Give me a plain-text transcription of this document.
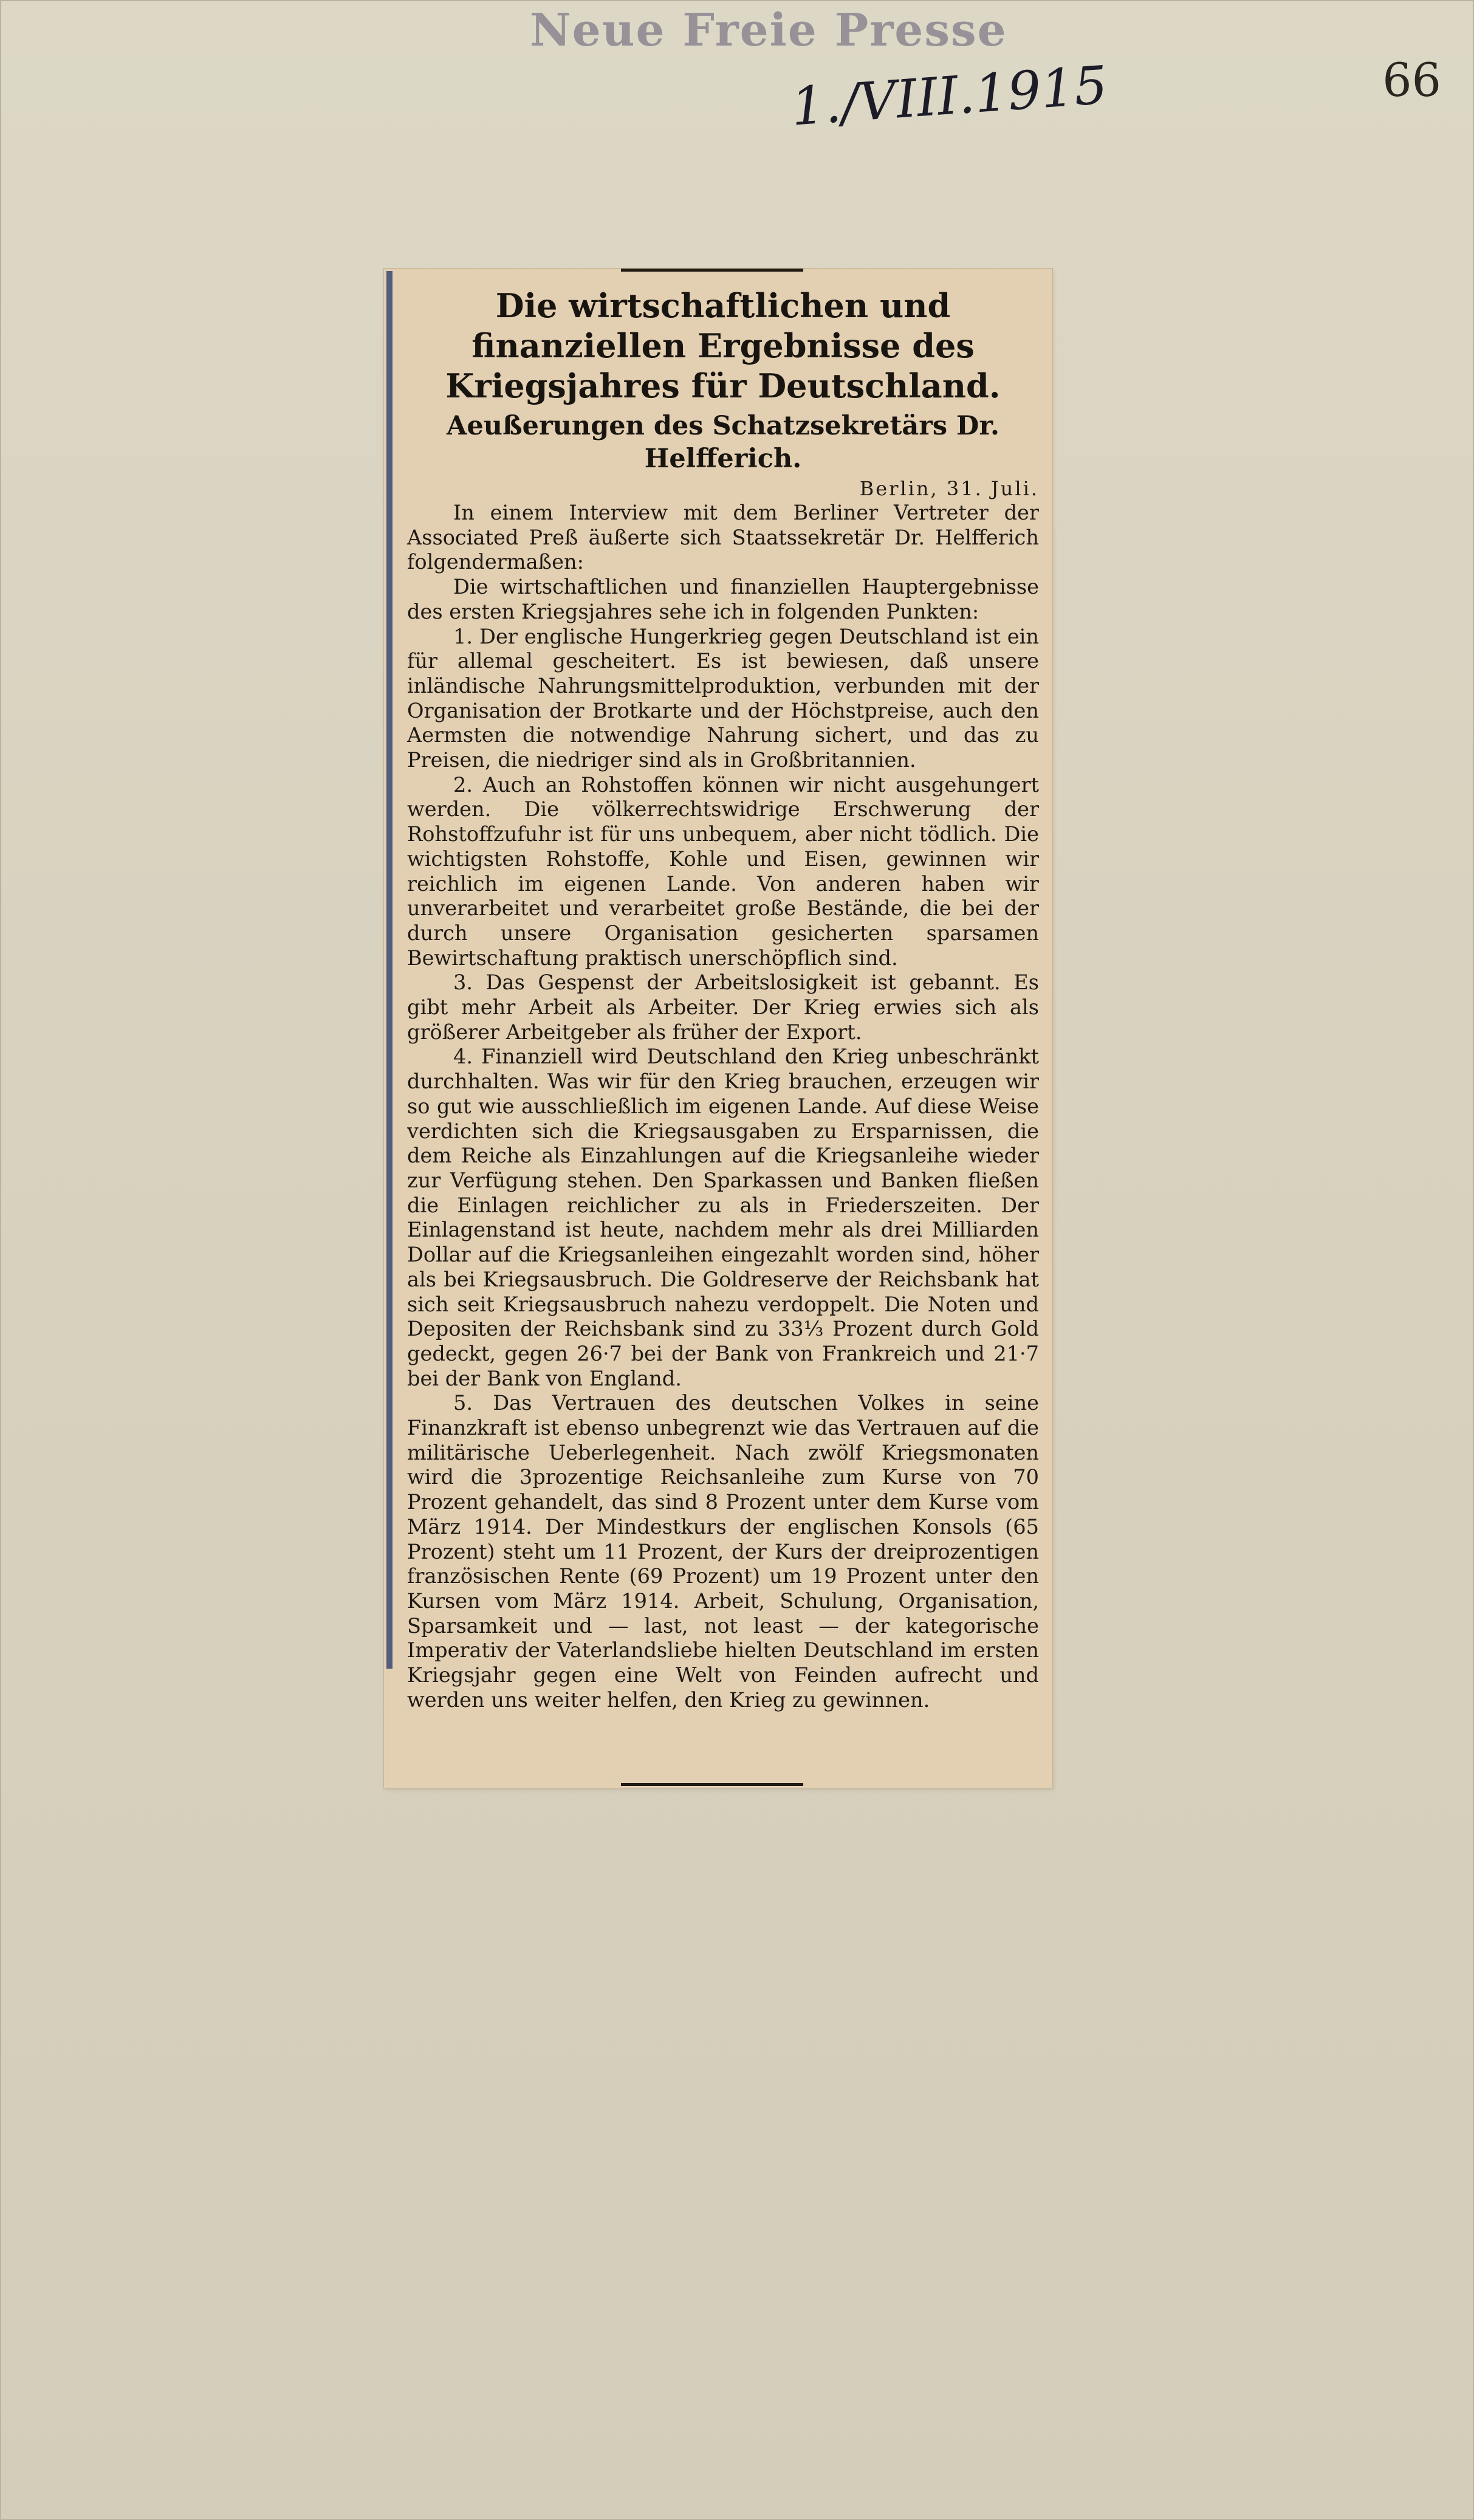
Neue Freie Presse
1./VIII.1915	66
Die wirtschaftlichen und finanziellen Ergebnisse des Kriegsjahres für Deutschland.
Aeußerungen des Schatzsekretärs Dr. Helfferich.

Berlin, 31. Juli.

In einem Interview mit dem Berliner Vertreter der Associated Preß äußerte sich Staatssekretär Dr. Helfferich folgendermaßen:

Die wirtschaftlichen und finanziellen Hauptergebnisse des ersten Kriegsjahres sehe ich in folgenden Punkten:

1. Der englische Hungerkrieg gegen Deutschland ist ein für allemal gescheitert. Es ist bewiesen, daß unsere inländische Nahrungsmittelproduktion, verbunden mit der Organisation der Brotkarte und der Höchstpreise, auch den Aermsten die notwendige Nahrung sichert, und das zu Preisen, die niedriger sind als in Großbritannien.

2. Auch an Rohstoffen können wir nicht ausgehungert werden. Die völkerrechtswidrige Erschwerung der Rohstoffzufuhr ist für uns unbequem, aber nicht tödlich. Die wichtigsten Rohstoffe, Kohle und Eisen, gewinnen wir reichlich im eigenen Lande. Von anderen haben wir unverarbeitet und verarbeitet große Bestände, die bei der durch unsere Organisation gesicherten sparsamen Bewirtschaftung praktisch unerschöpflich sind.

3. Das Gespenst der Arbeitslosigkeit ist gebannt. Es gibt mehr Arbeit als Arbeiter. Der Krieg erwies sich als größerer Arbeitgeber als früher der Export.

4. Finanziell wird Deutschland den Krieg unbeschränkt durchhalten. Was wir für den Krieg brauchen, erzeugen wir so gut wie ausschließlich im eigenen Lande. Auf diese Weise verdichten sich die Kriegsausgaben zu Ersparnissen, die dem Reiche als Einzahlungen auf die Kriegsanleihe wieder zur Verfügung stehen. Den Sparkassen und Banken fließen die Einlagen reichlicher zu als in Friederszeiten. Der Einlagenstand ist heute, nachdem mehr als drei Milliarden Dollar auf die Kriegsanleihen eingezahlt worden sind, höher als bei Kriegsausbruch. Die Goldreserve der Reichsbank hat sich seit Kriegsausbruch nahezu verdoppelt. Die Noten und Depositen der Reichsbank sind zu 33⅓ Prozent durch Gold gedeckt, gegen 26·7 bei der Bank von Frankreich und 21·7 bei der Bank von England.

5. Das Vertrauen des deutschen Volkes in seine Finanzkraft ist ebenso unbegrenzt wie das Vertrauen auf die militärische Ueberlegenheit. Nach zwölf Kriegsmonaten wird die 3prozentige Reichsanleihe zum Kurse von 70 Prozent gehandelt, das sind 8 Prozent unter dem Kurse vom März 1914. Der Mindestkurs der englischen Konsols (65 Prozent) steht um 11 Prozent, der Kurs der dreiprozentigen französischen Rente (69 Prozent) um 19 Prozent unter den Kursen vom März 1914. Arbeit, Schulung, Organisation, Sparsamkeit und — last, not least — der kategorische Imperativ der Vaterlandsliebe hielten Deutschland im ersten Kriegsjahr gegen eine Welt von Feinden aufrecht und werden uns weiter helfen, den Krieg zu gewinnen.
